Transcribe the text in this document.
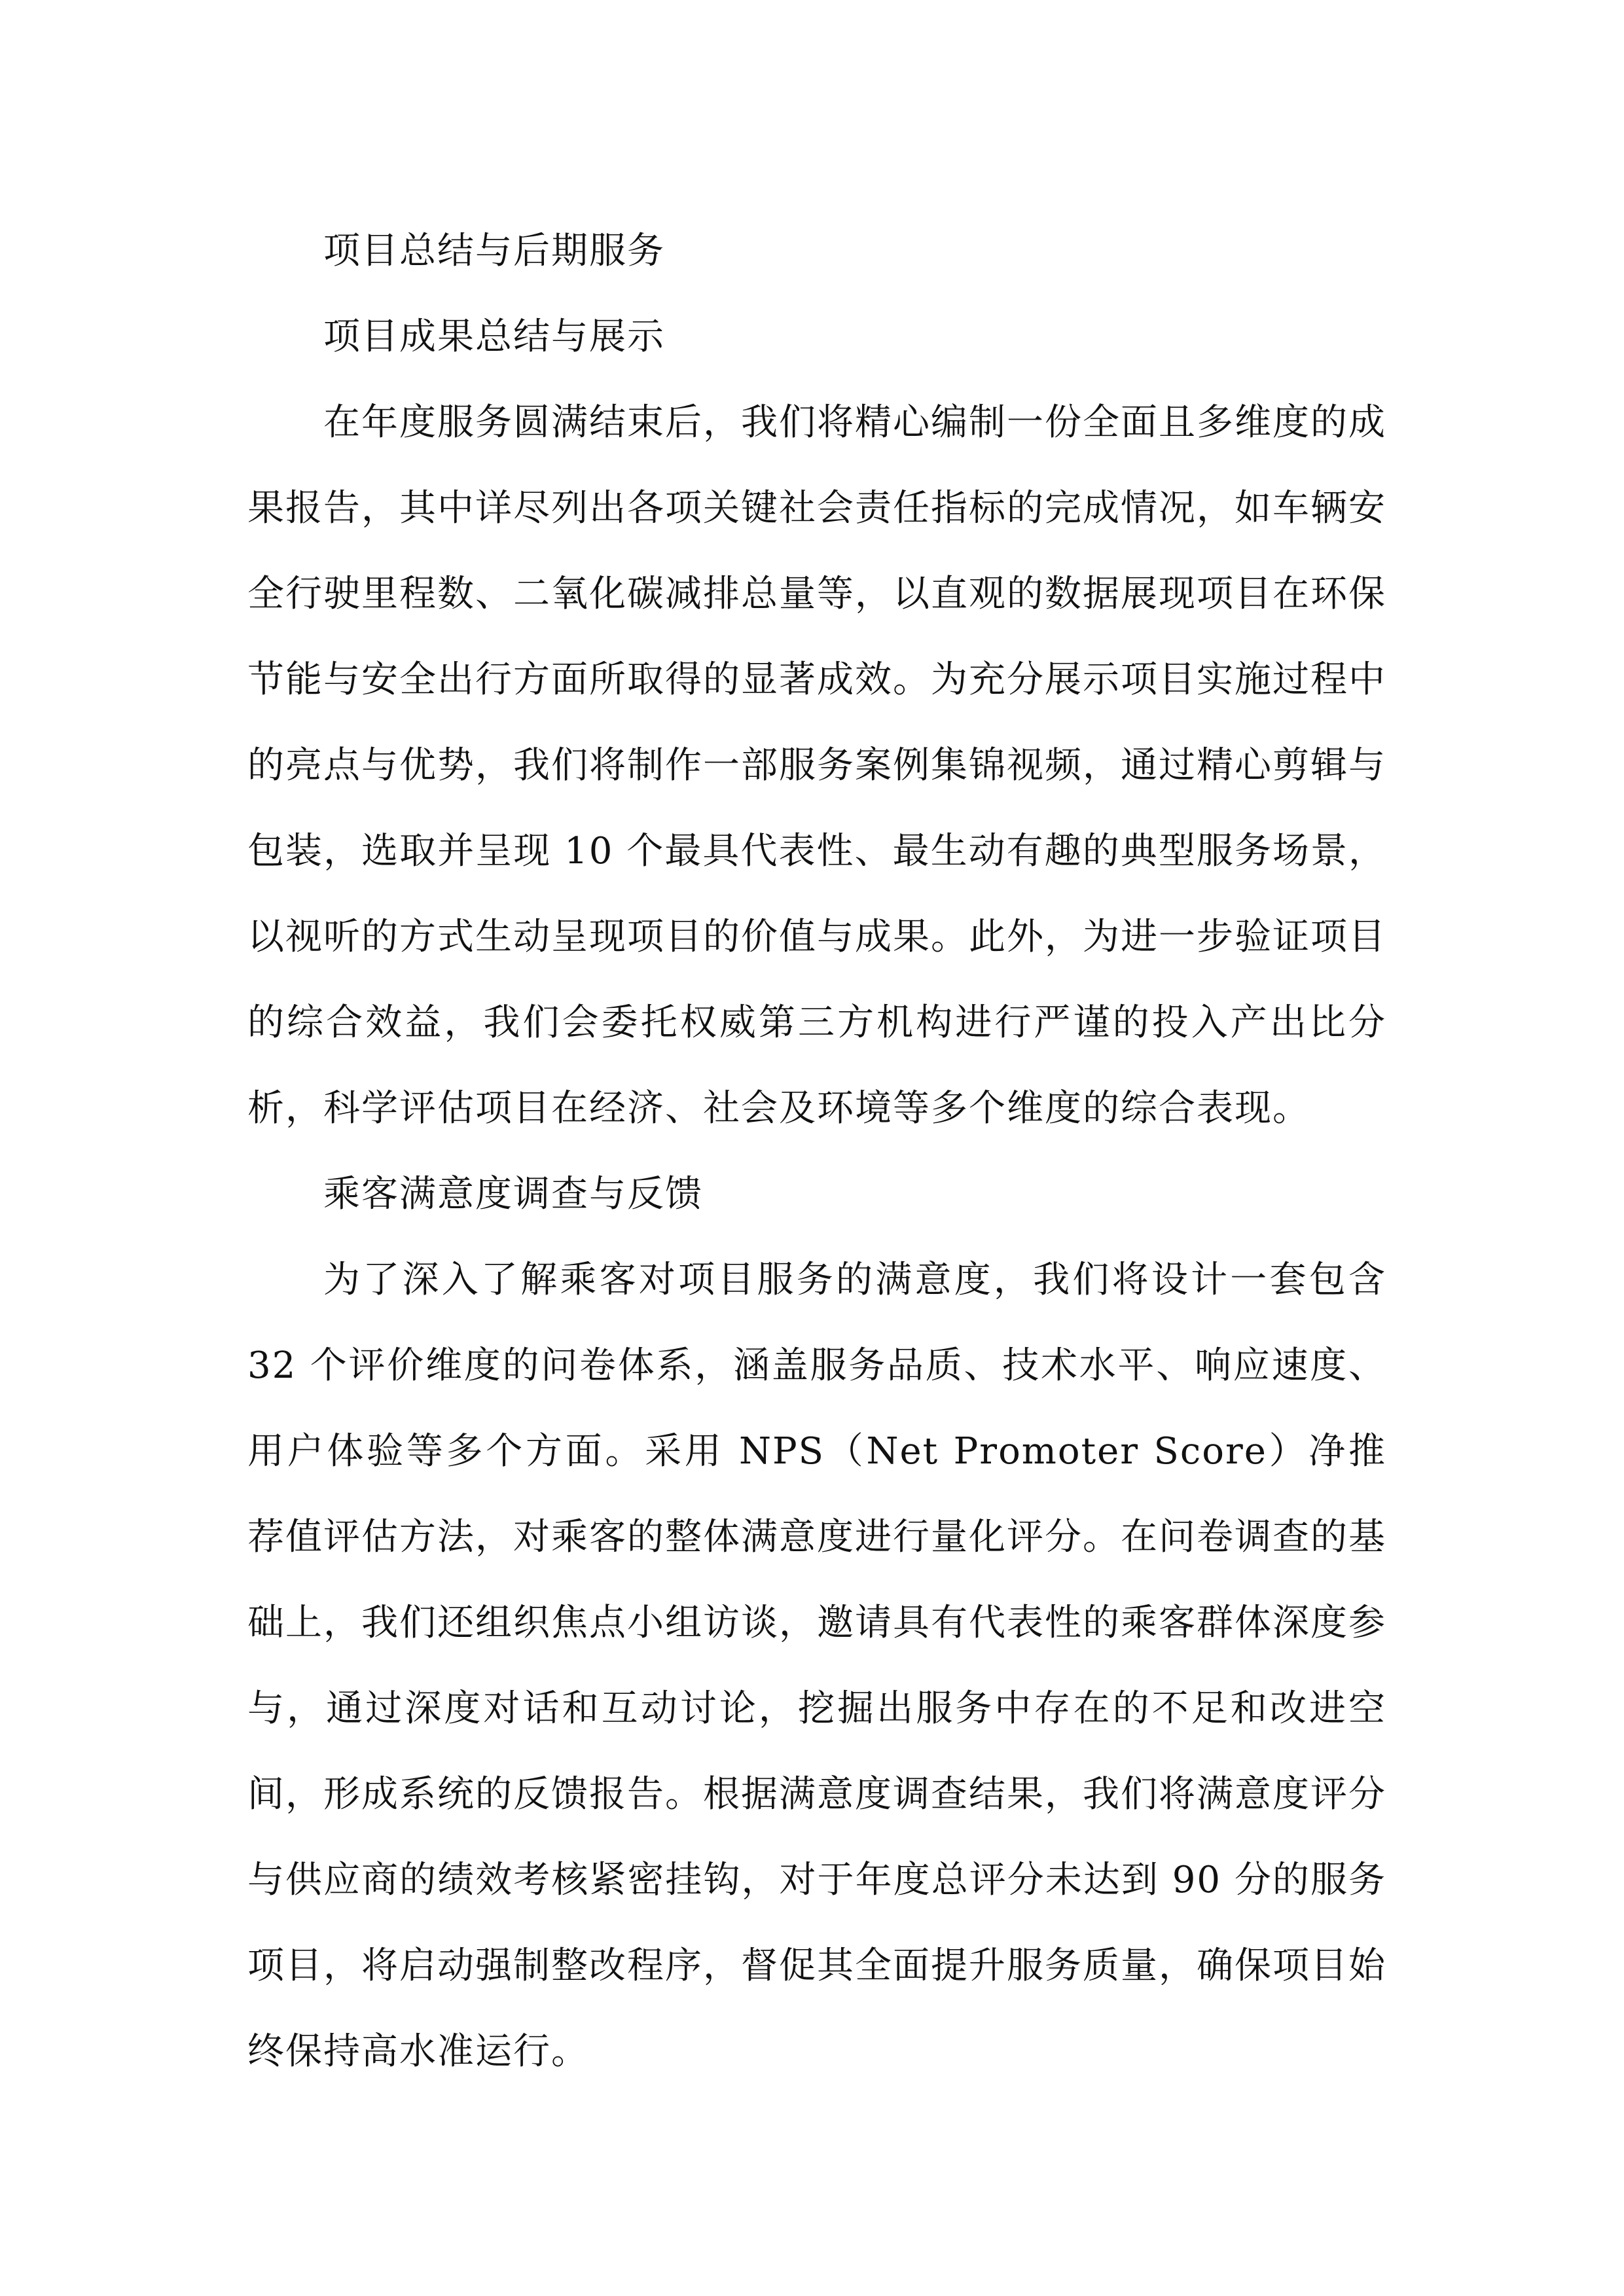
项目总结与后期服务
项目成果总结与展示

在年度服务圆满结束后，我们将精心编制一份全面且多维度的成果报告，其中详尽列出各项关键社会责任指标的完成情况，如车辆安全行驶里程数、二氧化碳减排总量等，以直观的数据展现项目在环保节能与安全出行方面所取得的显著成效。为充分展示项目实施过程中的亮点与优势，我们将制作一部服务案例集锦视频，通过精心剪辑与包装，选取并呈现 10 个最具代表性、最生动有趣的典型服务场景，以视听的方式生动呈现项目的价值与成果。此外，为进一步验证项目的综合效益，我们会委托权威第三方机构进行严谨的投入产出比分析，科学评估项目在经济、社会及环境等多个维度的综合表现。

乘客满意度调查与反馈

为了深入了解乘客对项目服务的满意度，我们将设计一套包含 32 个评价维度的问卷体系，涵盖服务品质、技术水平、响应速度、用户体验等多个方面。采用 NPS（Net Promoter Score）净推荐值评估方法，对乘客的整体满意度进行量化评分。在问卷调查的基础上，我们还组织焦点小组访谈，邀请具有代表性的乘客群体深度参与，通过深度对话和互动讨论，挖掘出服务中存在的不足和改进空间，形成系统的反馈报告。根据满意度调查结果，我们将满意度评分与供应商的绩效考核紧密挂钩，对于年度总评分未达到 90 分的服务项目，将启动强制整改程序，督促其全面提升服务质量，确保项目始终保持高水准运行。
